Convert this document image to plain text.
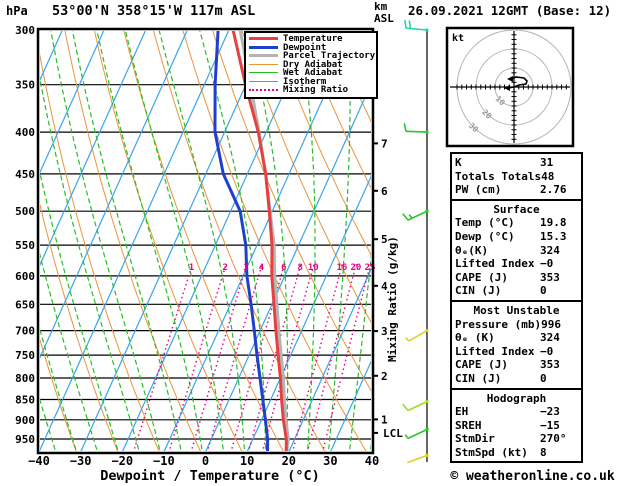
1	2 3 4 6 8 10 16 20 25
300
350
400
450
500
550
600
650
700
750
800
850
900
950
−40 −30 −20 −10 0	10 20 30 40
7
6
5
4
3
2
1
LCL
10
20
30
kt
hPa 53°00'N 358°15'W 117m ASL	km
ASL
26.09.2021 12GMT (Base: 12)
Temperature
Dewpoint
Parcel Trajectory
Dry Adiabat
Wet Adiabat
Isotherm
Mixing Ratio
Mixing Ratio (g/kg)
Dewpoint / Temperature (°C)
K	31
Totals Totals 48
PW (cm)	2.76
Surface
Temp (°C)	19.8
Dewp (°C)	15.3
θₑ(K)	324
Lifted Index −0
CAPE (J)	353
CIN (J)	0
Most Unstable
Pressure (mb) 996
θₑ (K)	324
Lifted Index −0
CAPE (J)	353
CIN (J)	0
Hodograph
EH	−23
SREH	−15
StmDir	270°
StmSpd (kt)	8
© weatheronline.co.uk
